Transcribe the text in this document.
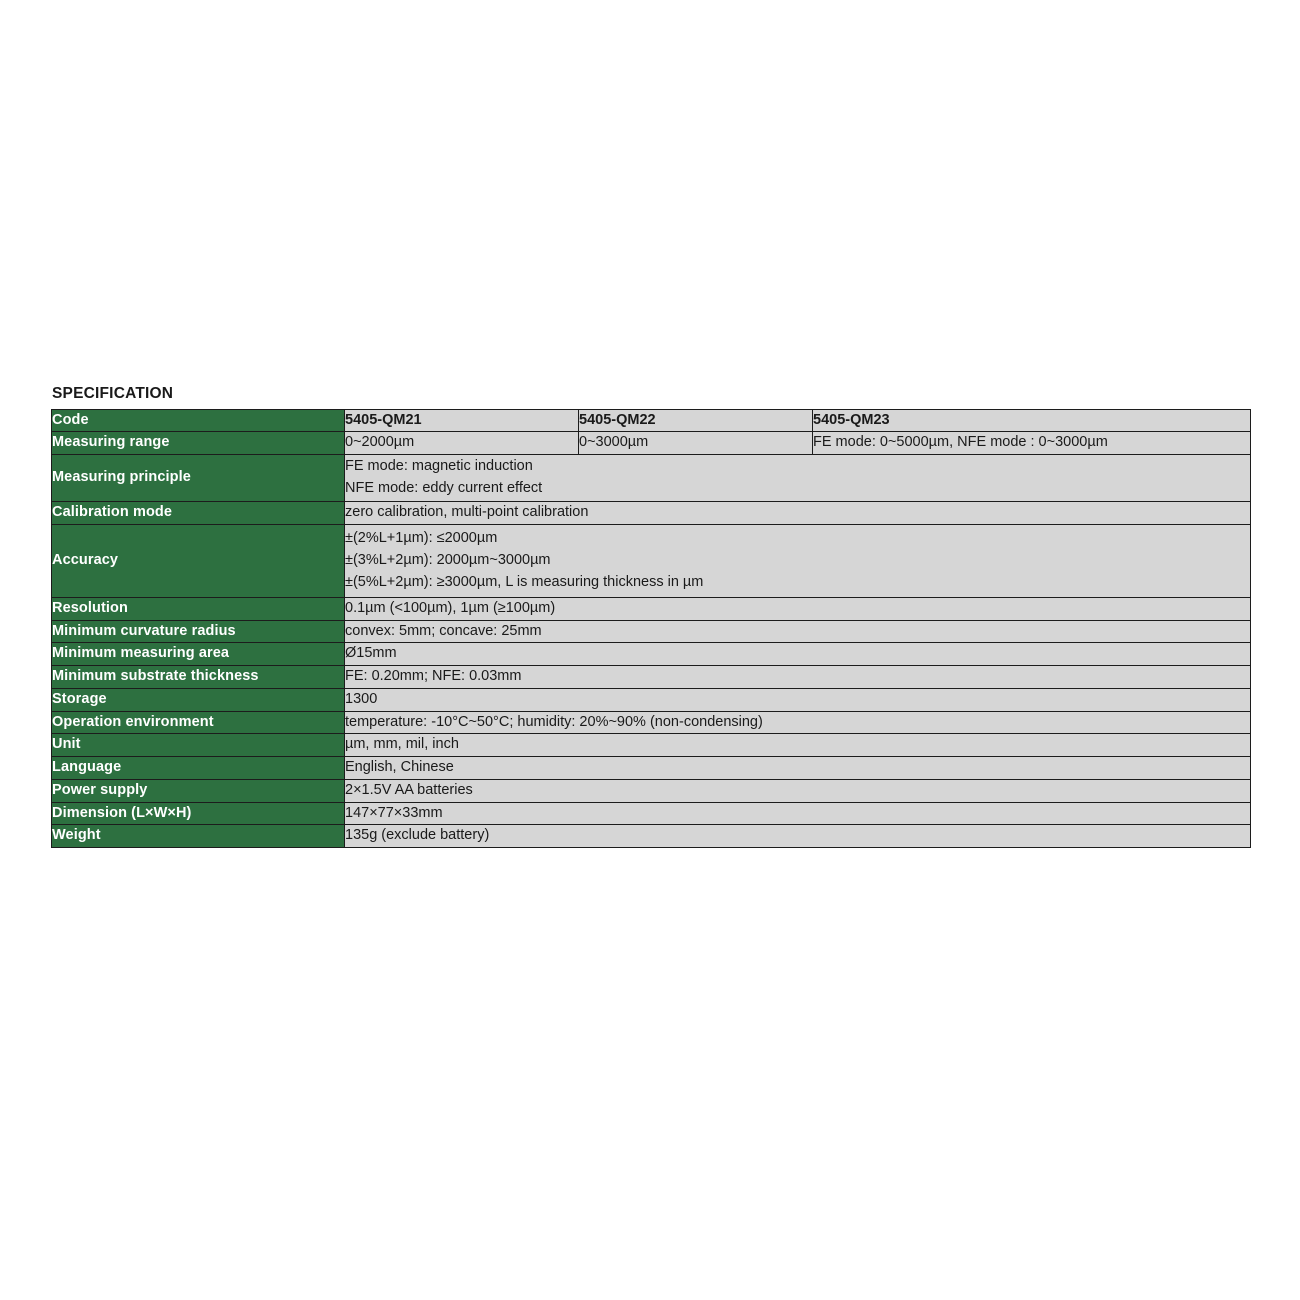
SPECIFICATION
Code	5405-QM21	5405-QM22	5405-QM23
Measuring range	0~2000µm	0~3000µm	FE mode: 0~5000µm, NFE mode : 0~3000µm
Measuring principle	FE mode: magnetic induction
NFE mode: eddy current effect		

Calibration mode	zero calibration, multi-point calibration		

Accuracy	±(2%L+1µm): ≤2000µm
±(3%L+2µm): 2000µm~3000µm
±(5%L+2µm): ≥3000µm, L is measuring thickness in µm		

Resolution	0.1µm (<100µm), 1µm (≥100µm)		

Minimum curvature radius	convex: 5mm; concave: 25mm		

Minimum measuring area	Ø15mm		

Minimum substrate thickness	FE: 0.20mm; NFE: 0.03mm		

Storage	1300		

Operation environment	temperature: -10°C~50°C; humidity: 20%~90% (non-condensing)		

Unit	µm, mm, mil, inch		

Language	English, Chinese		

Power supply	2×1.5V AA batteries		

Dimension (L×W×H)	147×77×33mm		

Weight	135g (exclude battery)		
